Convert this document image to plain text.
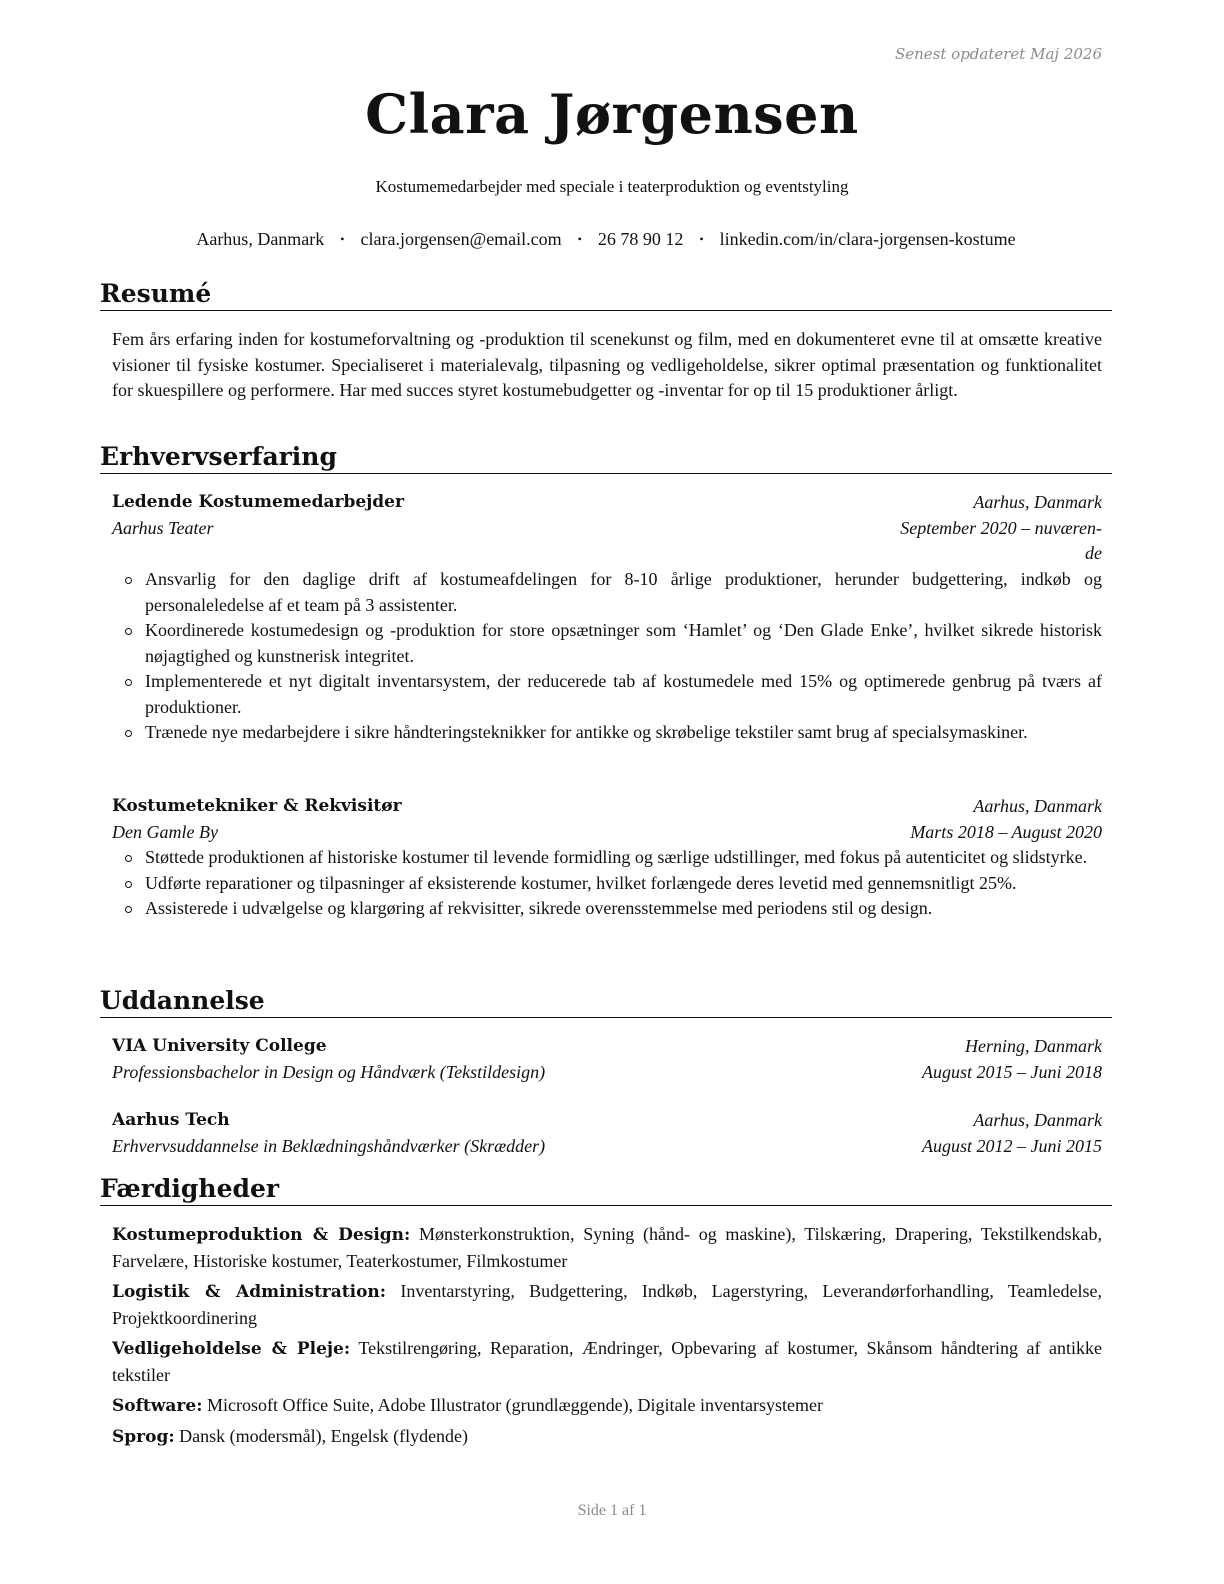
Senest opdateret Maj 2026
Clara Jørgensen
Kostumemedarbejder med speciale i teaterproduktion og eventstyling
Aarhus, Danmark • clara.jorgensen@email.com • 26 78 90 12 • linkedin.com/in/clara-jorgensen-kostume
Resumé
Fem års erfaring inden for kostumeforvaltning og -produktion til scenekunst og film, med en dokumenteret evne til at omsætte kreative visioner til fysiske kostumer. Specialiseret i materialevalg, tilpasning og vedligeholdelse, sikrer optimal præsentation og funktionalitet for skuespillere og performere. Har med succes styret kostumebudgetter og -inventar for op til 15 produktioner årligt.
Erhvervserfaring
Ledende Kostumemedarbejder	Aarhus, Danmark
Aarhus Teater	September 2020 – nuværen-
de
Ansvarlig for den daglige drift af kostumeafdelingen for 8-10 årlige produktioner, herunder budgettering, indkøb og personaleledelse af et team på 3 assistenter.
Koordinerede kostumedesign og -produktion for store opsætninger som ‘Hamlet’ og ‘Den Glade Enke’, hvilket sikrede historisk nøjagtighed og kunstnerisk integritet.
Implementerede et nyt digitalt inventarsystem, der reducerede tab af kostumedele med 15% og optimerede genbrug på tværs af produktioner.
Trænede nye medarbejdere i sikre håndteringsteknikker for antikke og skrøbelige tekstiler samt brug af specialsymaskiner.
Kostumetekniker & Rekvisitør	Aarhus, Danmark
Den Gamle By	Marts 2018 – August 2020
Støttede produktionen af historiske kostumer til levende formidling og særlige udstillinger, med fokus på autenticitet og slidstyrke.
Udførte reparationer og tilpasninger af eksisterende kostumer, hvilket forlængede deres levetid med gennemsnitligt 25%.
Assisterede i udvælgelse og klargøring af rekvisitter, sikrede overensstemmelse med periodens stil og design.
Uddannelse
VIA University College	Herning, Danmark
Professionsbachelor in Design og Håndværk (Tekstildesign)	August 2015 – Juni 2018
Aarhus Tech	Aarhus, Danmark
Erhvervsuddannelse in Beklædningshåndværker (Skrædder)	August 2012 – Juni 2015
Færdigheder
Kostumeproduktion & Design: Mønsterkonstruktion, Syning (hånd- og maskine), Tilskæring, Drapering, Tekstilkendskab, Farvelære, Historiske kostumer, Teaterkostumer, Filmkostumer
Logistik & Administration: Inventarstyring, Budgettering, Indkøb, Lagerstyring, Leverandørforhandling, Teamledelse, Projektkoordinering
Vedligeholdelse & Pleje: Tekstilrengøring, Reparation, Ændringer, Opbevaring af kostumer, Skånsom håndtering af antikke tekstiler
Software: Microsoft Office Suite, Adobe Illustrator (grundlæggende), Digitale inventarsystemer
Sprog: Dansk (modersmål), Engelsk (flydende)
Side 1 af 1
